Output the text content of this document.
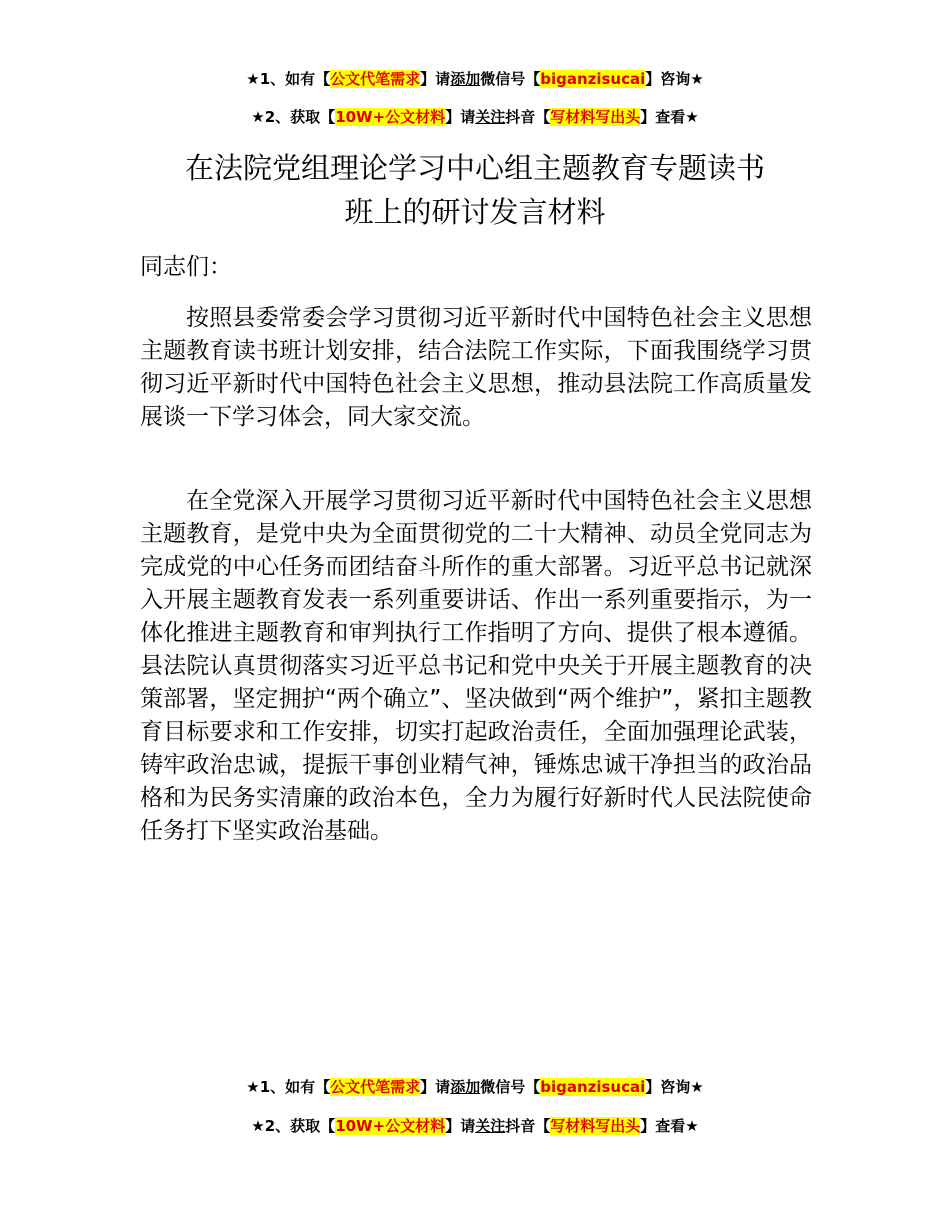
★1、如有【公文代笔需求】请添加微信号【biganzisucai】咨询★
★2、获取【10W+公文材料】请关注抖音【写材料写出头】查看★
在法院党组理论学习中心组主题教育专题读书
班上的研讨发言材料
同志们：

按照县委常委会学习贯彻习近平新时代中国特色社会主义思想主题教育读书班计划安排，结合法院工作实际，下面我围绕学习贯彻习近平新时代中国特色社会主义思想，推动县法院工作高质量发展谈一下学习体会，同大家交流。

在全党深入开展学习贯彻习近平新时代中国特色社会主义思想主题教育，是党中央为全面贯彻党的二十大精神、动员全党同志为完成党的中心任务而团结奋斗所作的重大部署。习近平总书记就深入开展主题教育发表一系列重要讲话、作出一系列重要指示，为一体化推进主题教育和审判执行工作指明了方向、提供了根本遵循。县法院认真贯彻落实习近平总书记和党中央关于开展主题教育的决策部署，坚定拥护“两个确立”、坚决做到“两个维护”，紧扣主题教育目标要求和工作安排，切实打起政治责任，全面加强理论武装，铸牢政治忠诚，提振干事创业精气神，锤炼忠诚干净担当的政治品格和为民务实清廉的政治本色，全力为履行好新时代人民法院使命任务打下坚实政治基础。

★1、如有【公文代笔需求】请添加微信号【biganzisucai】咨询★
★2、获取【10W+公文材料】请关注抖音【写材料写出头】查看★
